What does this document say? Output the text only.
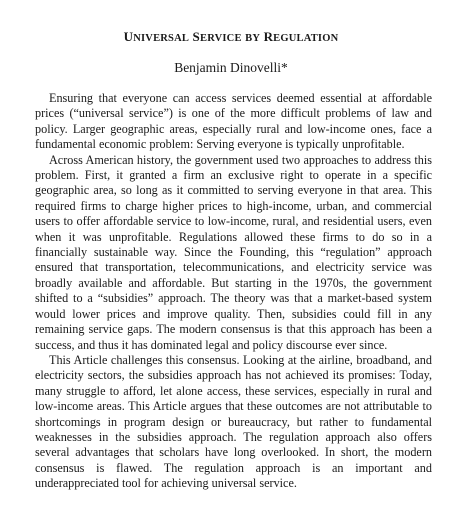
UNIVERSAL SERVICE BY REGULATION
Benjamin Dinovelli*

Ensuring that everyone can access services deemed essential at affordable prices (“universal service”) is one of the more difficult problems of law and policy. Larger geographic areas, especially rural and low-income ones, face a fundamental economic problem: Serving everyone is typically unprofitable.

Across American history, the government used two approaches to address this problem. First, it granted a firm an exclusive right to operate in a specific geographic area, so long as it committed to serving everyone in that area. This required firms to charge higher prices to high-income, urban, and commercial users to offer affordable service to low-income, rural, and residential users, even when it was unprofitable. Regulations allowed these firms to do so in a financially sustainable way. Since the Founding, this “regulation” approach ensured that transportation, telecommunications, and electricity service was broadly available and affordable. But starting in the 1970s, the government shifted to a “subsidies” approach. The theory was that a market-based system would lower prices and improve quality. Then, subsidies could fill in any remaining service gaps. The modern consensus is that this approach has been a success, and thus it has dominated legal and policy discourse ever since.

This Article challenges this consensus. Looking at the airline, broadband, and electricity sectors, the subsidies approach has not achieved its promises: Today, many struggle to afford, let alone access, these services, especially in rural and low-income areas. This Article argues that these outcomes are not attributable to shortcomings in program design or bureaucracy, but rather to fundamental weaknesses in the subsidies approach. The regulation approach also offers several advantages that scholars have long overlooked. In short, the modern consensus is flawed. The regulation approach is an important and underappreciated tool for achieving universal service.
